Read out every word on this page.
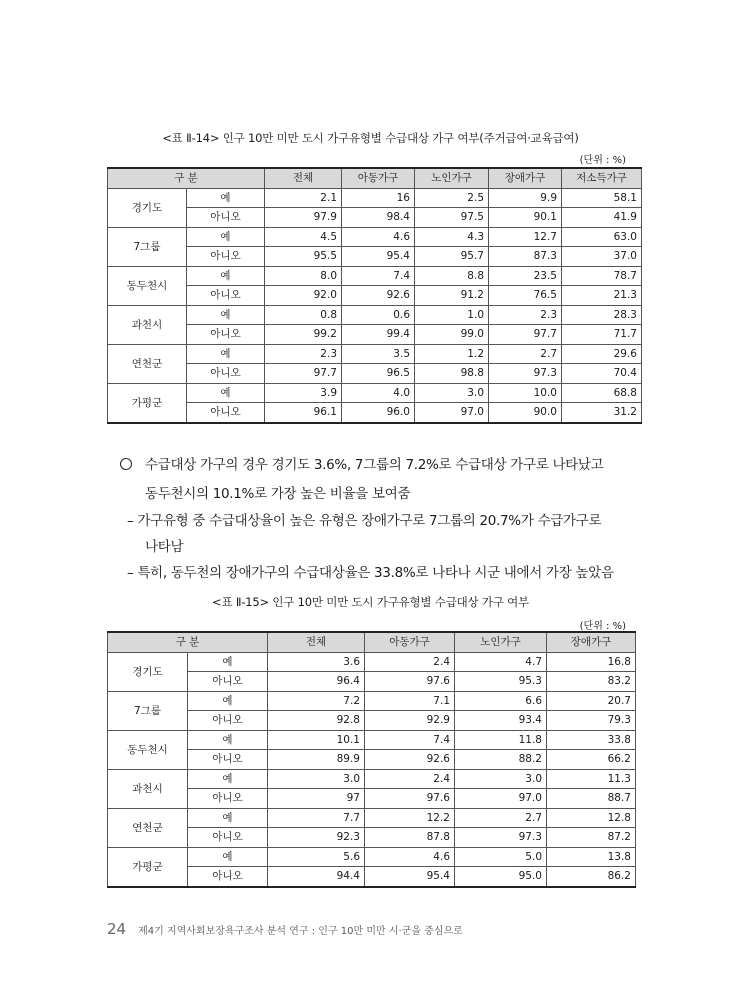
<표 Ⅱ-14> 인구 10만 미만 도시 가구유형별 수급대상 가구 여부(주거급여·교육급여)
(단위 : %)
구 분		전체	아동가구	노인가구	장애가구	저소득가구
경기도	예	2.1	16	2.5	9.9	58.1
	아니오	97.9	98.4	97.5	90.1	41.9
7그룹	예	4.5	4.6	4.3	12.7	63.0
	아니오	95.5	95.4	95.7	87.3	37.0
동두천시	예	8.0	7.4	8.8	23.5	78.7
	아니오	92.0	92.6	91.2	76.5	21.3
과천시	예	0.8	0.6	1.0	2.3	28.3
	아니오	99.2	99.4	99.0	97.7	71.7
연천군	예	2.3	3.5	1.2	2.7	29.6
	아니오	97.7	96.5	98.8	97.3	70.4
가평군	예	3.9	4.0	3.0	10.0	68.8
	아니오	96.1	96.0	97.0	90.0	31.2
수급대상 가구의 경우 경기도 3.6%, 7그룹의 7.2%로 수급대상 가구로 나타났고
동두천시의 10.1%로 가장 높은 비율을 보여줌
– 가구유형 중 수급대상율이 높은 유형은 장애가구로 7그룹의 20.7%가 수급가구로
나타남
– 특히, 동두천의 장애가구의 수급대상율은 33.8%로 나타나 시군 내에서 가장 높았음
<표 Ⅱ-15> 인구 10만 미만 도시 가구유형별 수급대상 가구 여부
(단위 : %)
구 분		전체	아동가구	노인가구	장애가구
경기도	예	3.6	2.4	4.7	16.8
	아니오	96.4	97.6	95.3	83.2
7그룹	예	7.2	7.1	6.6	20.7
	아니오	92.8	92.9	93.4	79.3
동두천시	예	10.1	7.4	11.8	33.8
	아니오	89.9	92.6	88.2	66.2
과천시	예	3.0	2.4	3.0	11.3
	아니오	97	97.6	97.0	88.7
연천군	예	7.7	12.2	2.7	12.8
	아니오	92.3	87.8	97.3	87.2
가평군	예	5.6	4.6	5.0	13.8
	아니오	94.4	95.4	95.0	86.2
24 제4기 지역사회보장욕구조사 분석 연구 : 인구 10만 미만 시·군을 중심으로
